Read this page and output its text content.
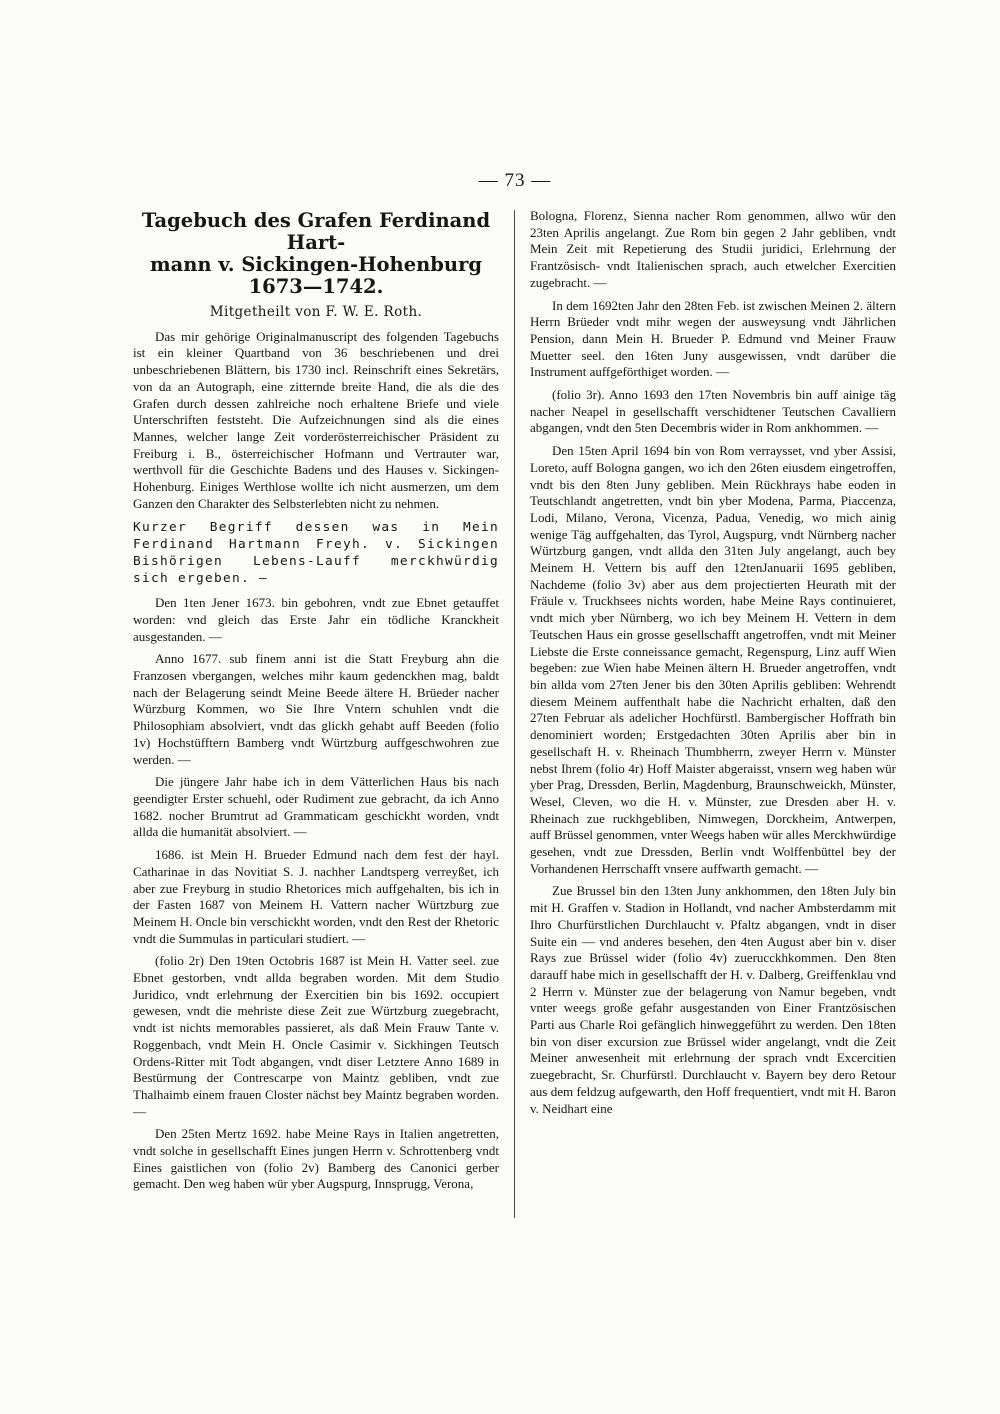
— 73 —
Tagebuch des Grafen Ferdinand Hart-
mann v. Sickingen-Hohenburg
1673—1742.
Mitgetheilt von F. W. E. Roth.

Das mir gehörige Originalmanuscript des folgenden Tagebuchs ist ein kleiner Quartband von 36 beschriebenen und drei unbeschriebenen Blättern, bis 1730 incl. Reinschrift eines Sekretärs, von da an Autograph, eine zitternde breite Hand, die als die des Grafen durch dessen zahlreiche noch erhaltene Briefe und viele Unterschriften feststeht. Die Aufzeichnungen sind als die eines Mannes, welcher lange Zeit vorderösterreichischer Präsident zu Freiburg i. B., österreichischer Hofmann und Vertrauter war, werthvoll für die Geschichte Badens und des Hauses v. Sickingen-Hohenburg. Einiges Werthlose wollte ich nicht ausmerzen, um dem Ganzen den Charakter des Selbsterlebten nicht zu nehmen.

Kurzer Begriff dessen was in Mein Ferdinand Hartmann Freyh. v. Sickingen Bishörigen Lebens-Lauff merckhwürdig sich ergeben. —

Den 1ten Jener 1673. bin gebohren, vndt zue Ebnet getauffet worden: vnd gleich das Erste Jahr ein tödliche Kranckheit ausgestanden. —

Anno 1677. sub finem anni ist die Statt Freyburg ahn die Franzosen vbergangen, welches mihr kaum gedenckhen mag, baldt nach der Belagerung seindt Meine Beede ältere H. Brüeder nacher Würzburg Kommen, wo Sie Ihre Vntern schuhlen vndt die Philosophiam absolviert, vndt das glickh gehabt auff Beeden (folio 1v) Hochstüfftern Bamberg vndt Würtzburg auffgeschwohren zue werden. —

Die jüngere Jahr habe ich in dem Vätterlichen Haus bis nach geendigter Erster schuehl, oder Rudiment zue gebracht, da ich Anno 1682. nocher Brumtrut ad Grammaticam geschickht worden, vndt allda die humanität absolviert. —

1686. ist Mein H. Brueder Edmund nach dem fest der hayl. Catharinae in das Novitiat S. J. nachher Landtsperg verreyßet, ich aber zue Freyburg in studio Rhetorices mich auffgehalten, bis ich in der Fasten 1687 von Meinem H. Vattern nacher Würtzburg zue Meinem H. Oncle bin verschickht worden, vndt den Rest der Rhetoric vndt die Summulas in particulari studiert. —

(folio 2r) Den 19ten Octobris 1687 ist Mein H. Vatter seel. zue Ebnet gestorben, vndt allda begraben worden. Mit dem Studio Juridico, vndt erlehrnung der Exercitien bin bis 1692. occupiert gewesen, vndt die mehriste diese Zeit zue Würtzburg zuegebracht, vndt ist nichts memorables passieret, als daß Mein Frauw Tante v. Roggenbach, vndt Mein H. Oncle Casimir v. Sickhingen Teutsch Ordens-Ritter mit Todt abgangen, vndt diser Letztere Anno 1689 in Bestürmung der Contrescarpe von Maintz gebliben, vndt zue Thalhaimb einem frauen Closter nächst bey Maintz begraben worden. —

Den 25ten Mertz 1692. habe Meine Rays in Italien angetretten, vndt solche in gesellschafft Eines jungen Herrn v. Schrottenberg vndt Eines gaistlichen von (folio 2v) Bamberg des Canonici gerber gemacht. Den weg haben wür yber Augspurg, Innsprugg, Verona,

Bologna, Florenz, Sienna nacher Rom genommen, allwo wür den 23ten Aprilis angelangt. Zue Rom bin gegen 2 Jahr gebliben, vndt Mein Zeit mit Repetierung des Studii juridici, Erlehrnung der Frantzösisch- vndt Italienischen sprach, auch etwelcher Exercitien zugebracht. —

In dem 1692ten Jahr den 28ten Feb. ist zwischen Meinen 2. ältern Herrn Brüeder vndt mihr wegen der ausweysung vndt Jährlichen Pension, dann Mein H. Brueder P. Edmund vnd Meiner Frauw Muetter seel. den 16ten Juny ausgewissen, vndt darüber die Instrument auffgeförthiget worden. —

(folio 3r). Anno 1693 den 17ten Novembris bin auff ainige täg nacher Neapel in gesellschafft verschidtener Teutschen Cavalliern abgangen, vndt den 5ten Decembris wider in Rom ankhommen. —

Den 15ten April 1694 bin von Rom verraysset, vnd yber Assisi, Loreto, auff Bologna gangen, wo ich den 26ten eiusdem eingetroffen, vndt bis den 8ten Juny gebliben. Mein Rückhrays habe eoden in Teutschlandt angetretten, vndt bin yber Modena, Parma, Piaccenza, Lodi, Milano, Verona, Vicenza, Padua, Venedig, wo mich ainig wenige Täg auffgehalten, das Tyrol, Augspurg, vndt Nürnberg nacher Würtzburg gangen, vndt allda den 31ten July angelangt, auch bey Meinem H. Vettern bis auff den 12tenJanuarii 1695 gebliben, Nachdeme (folio 3v) aber aus dem projectierten Heurath mit der Fräule v. Truckhsees nichts worden, habe Meine Rays continuieret, vndt mich yber Nürnberg, wo ich bey Meinem H. Vettern in dem Teutschen Haus ein grosse gesellschafft angetroffen, vndt mit Meiner Liebste die Erste conneissance gemacht, Regenspurg, Linz auff Wien begeben: zue Wien habe Meinen ältern H. Brueder angetroffen, vndt bin allda vom 27ten Jener bis den 30ten Aprilis gebliben: Wehrendt diesem Meinem auffenthalt habe die Nachricht erhalten, daß den 27ten Februar als adelicher Hochfürstl. Bambergischer Hoffrath bin denominiert worden; Erstgedachten 30ten Aprilis aber bin in gesellschaft H. v. Rheinach Thumbherrn, zweyer Herrn v. Münster nebst Ihrem (folio 4r) Hoff Maister abgeraisst, vnsern weg haben wür yber Prag, Dressden, Berlin, Magdenburg, Braunschweickh, Münster, Wesel, Cleven, wo die H. v. Münster, zue Dresden aber H. v. Rheinach zue ruckhgebliben, Nimwegen, Dorckheim, Antwerpen, auff Brüssel genommen, vnter Weegs haben wür alles Merckhwürdige gesehen, vndt zue Dressden, Berlin vndt Wolffenbüttel bey der Vorhandenen Herrschafft vnsere auffwarth gemacht. —

Zue Brussel bin den 13ten Juny ankhommen, den 18ten July bin mit H. Graffen v. Stadion in Hollandt, vnd nacher Ambsterdamm mit Ihro Churfürstlichen Durchlaucht v. Pfaltz abgangen, vndt in diser Suite ein — vnd anderes besehen, den 4ten August aber bin v. diser Rays zue Brüssel wider (folio 4v) zuerucckhkommen. Den 8ten darauff habe mich in gesellschafft der H. v. Dalberg, Greiffenklau vnd 2 Herrn v. Münster zue der belagerung von Namur begeben, vndt vnter weegs große gefahr ausgestanden von Einer Frantzösischen Parti aus Charle Roi gefänglich hinweggeführt zu werden. Den 18ten bin von diser excursion zue Brüssel wider angelangt, vndt die Zeit Meiner anwesenheit mit erlehrnung der sprach vndt Excercitien zuegebracht, Sr. Churfürstl. Durchlaucht v. Bayern bey dero Retour aus dem feldzug aufgewarth, den Hoff frequentiert, vndt mit H. Baron v. Neidhart eine
